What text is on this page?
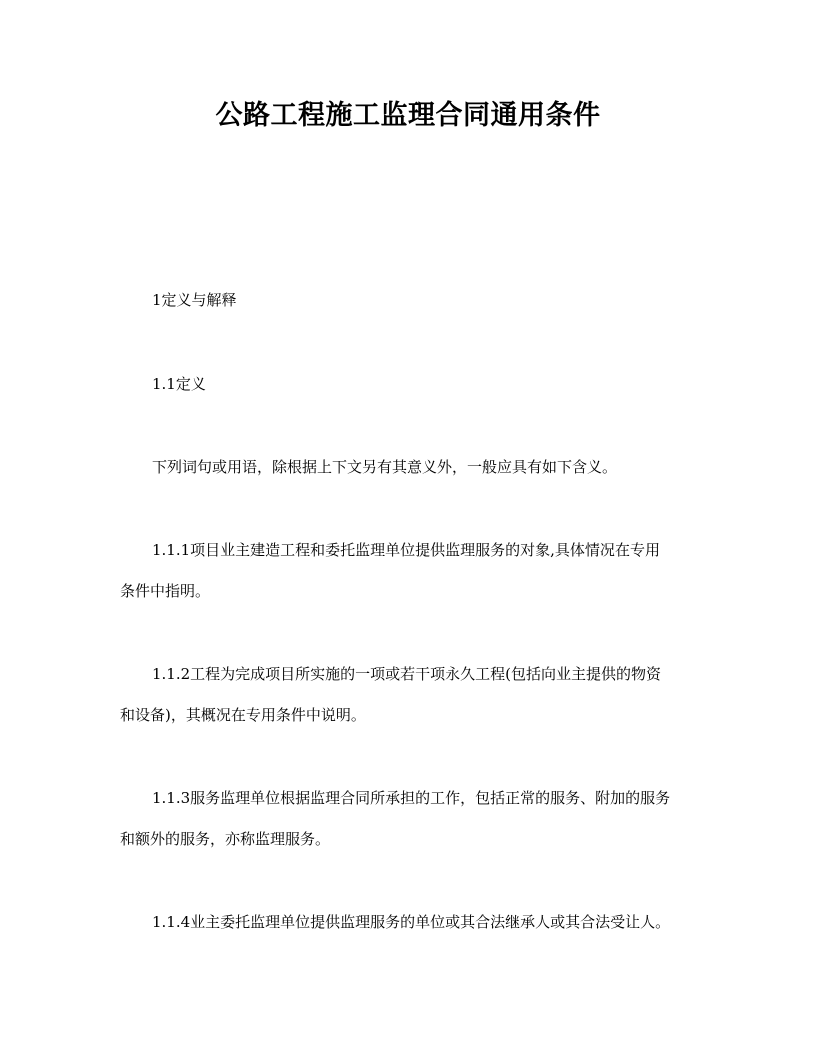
公路工程施工监理合同通用条件
1定义与解释
1.1定义
下列词句或用语，除根据上下文另有其意义外，一般应具有如下含义。
1.1.1项目业主建造工程和委托监理单位提供监理服务的对象,具体情况在专用
条件中指明。
1.1.2工程为完成项目所实施的一项或若干项永久工程(包括向业主提供的物资
和设备)，其概况在专用条件中说明。
1.1.3服务监理单位根据监理合同所承担的工作，包括正常的服务、附加的服务
和额外的服务，亦称监理服务。
1.1.4业主委托监理单位提供监理服务的单位或其合法继承人或其合法受让人。
